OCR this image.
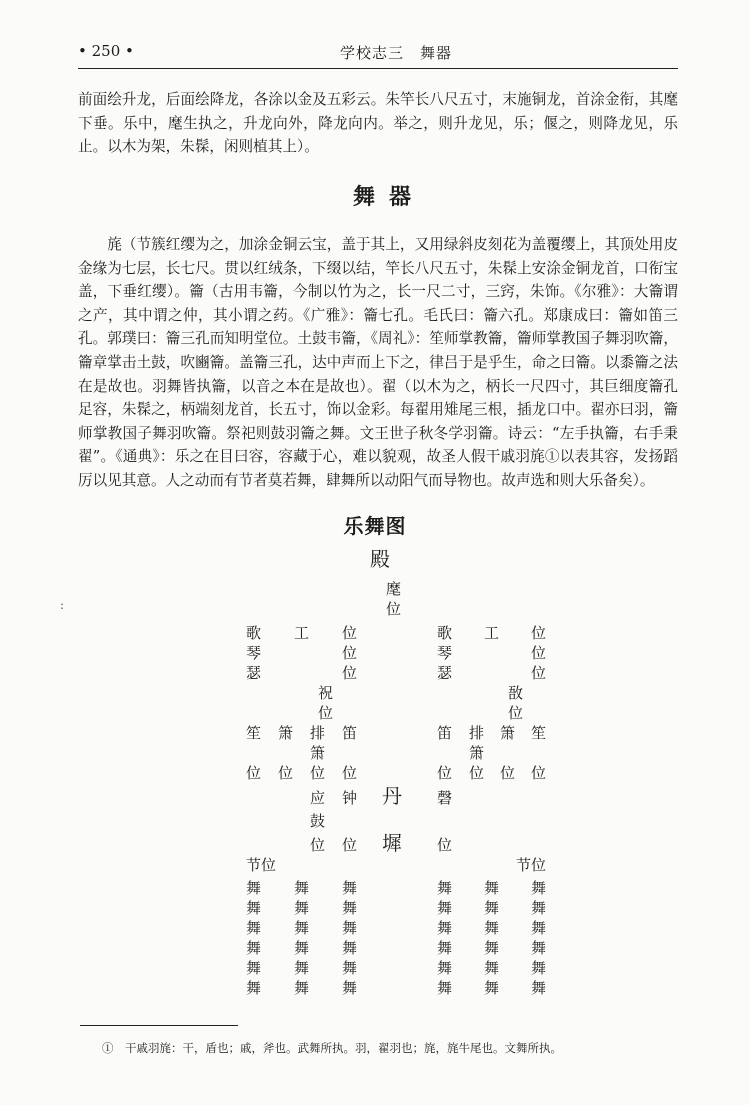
• 250 •	学校志三　舞器

前面绘升龙，后面绘降龙，各涂以金及五彩云。朱竿长八尺五寸，末施铜龙，首涂金衔，其麾下垂。乐中，麾生执之，升龙向外，降龙向内。举之，则升龙见，乐；偃之，则降龙见，乐止。以木为架，朱髹，闲则植其上）。

舞器

旄（节簇红缨为之，加涂金铜云宝，盖于其上，又用绿斜皮刻花为盖覆缨上，其顶处用皮金缘为七层，长七尺。贯以红绒条，下缀以结，竿长八尺五寸，朱髹上安涂金铜龙首，口衔宝盖，下垂红缨）。籥（古用韦籥，今制以竹为之，长一尺二寸，三窍，朱饰。《尔雅》：大籥谓之产，其中谓之仲，其小谓之药。《广雅》：籥七孔。毛氏曰：籥六孔。郑康成曰：籥如笛三孔。郭璞曰：籥三孔而知明堂位。土鼓韦籥，《周礼》：笙师掌教籥，籥师掌教国子舞羽吹籥，籥章掌击土鼓，吹豳籥。盖籥三孔，达中声而上下之，律吕于是乎生，命之曰籥。以黍籥之法在是故也。羽舞皆执籥，以音之本在是故也）。翟（以木为之，柄长一尺四寸，其巨细度籥孔足容，朱髹之，柄端刻龙首，长五寸，饰以金彩。每翟用雉尾三根，插龙口中。翟亦曰羽，籥师掌教国子舞羽吹籥。祭祀则鼓羽籥之舞。文王世子秋冬学羽籥。诗云：“左手执籥，右手秉翟”。《通典》：乐之在目曰容，容藏于心，难以貌观，故圣人假干戚羽旄①以表其容，发扬蹈厉以见其意。人之动而有节者莫若舞，肆舞所以动阳气而导物也。故声选和则大乐备矣）。

乐舞图
:
殿
麾
位
歌 工 位
琴	位
瑟	位
歌 工 位
琴	位
瑟	位
祝
位
敔
位
笙 箫 排 笛
箫
位 位 位 位
笛 排 箫 笙
箫
位 位 位 位
应 钟 丹 磬
鼓
位 位 墀 位
节位	节位
舞 舞 舞	舞 舞 舞
舞 舞 舞	舞 舞 舞
舞 舞 舞	舞 舞 舞
舞 舞 舞	舞 舞 舞
舞 舞 舞	舞 舞 舞
舞 舞 舞	舞 舞 舞
①　干戚羽旄：干，盾也；戚，斧也。武舞所执。羽，翟羽也；旄，旄牛尾也。文舞所执。
